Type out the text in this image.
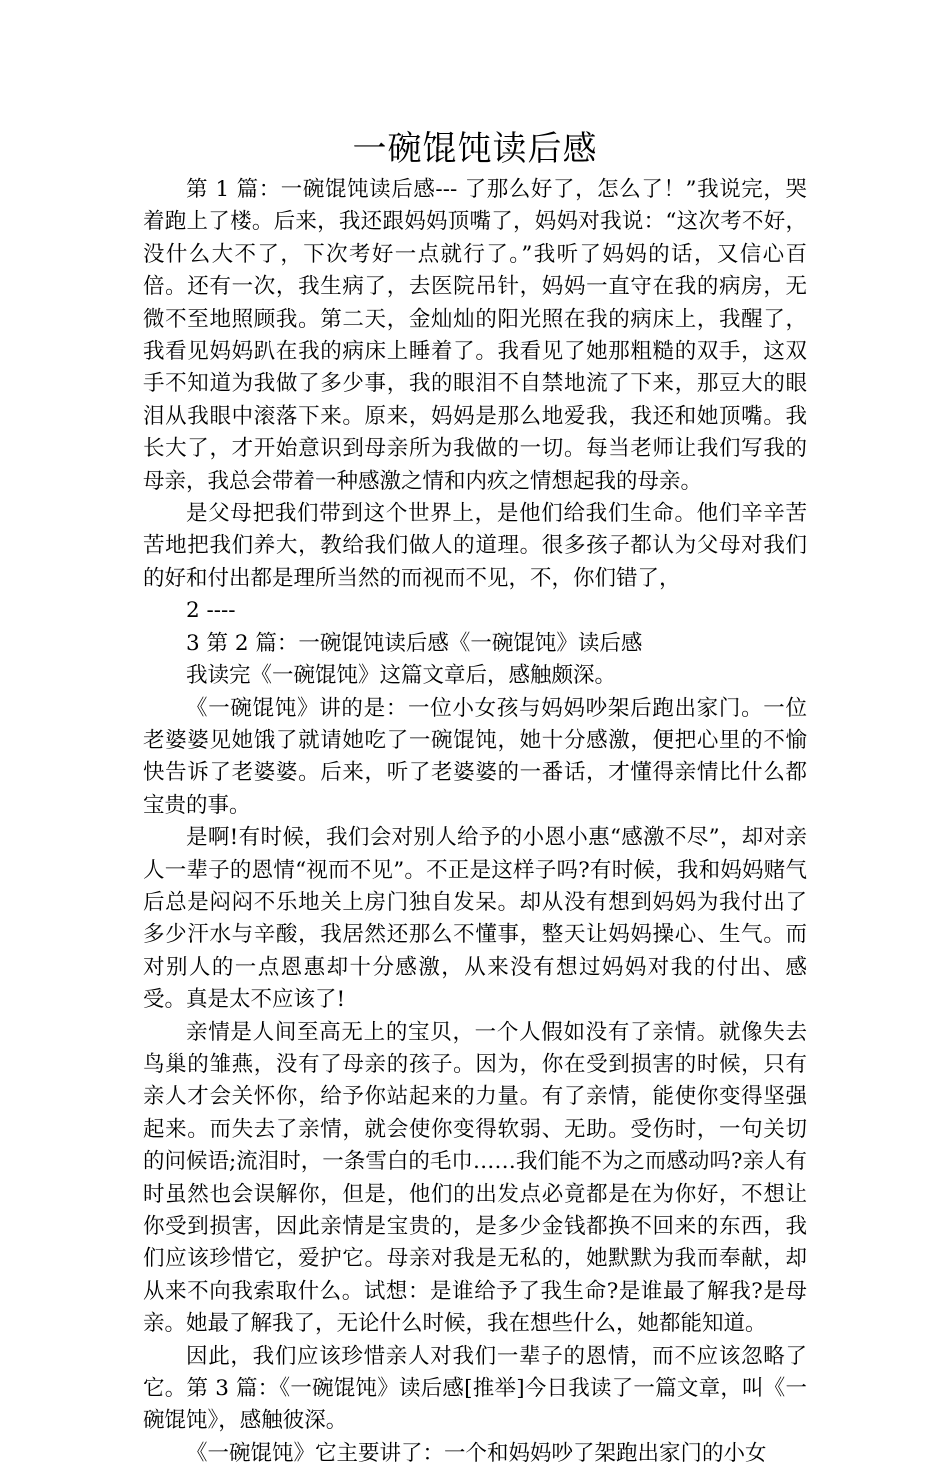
一碗馄饨读后感

第 1 篇：一碗馄饨读后感--- 了那么好了，怎么了！”我说完，哭着跑上了楼。后来，我还跟妈妈顶嘴了，妈妈对我说：“这次考不好，没什么大不了，下次考好一点就行了。”我听了妈妈的话，又信心百倍。还有一次，我生病了，去医院吊针，妈妈一直守在我的病房，无微不至地照顾我。第二天，金灿灿的阳光照在我的病床上，我醒了，我看见妈妈趴在我的病床上睡着了。我看见了她那粗糙的双手，这双手不知道为我做了多少事，我的眼泪不自禁地流了下来，那豆大的眼泪从我眼中滚落下来。原来，妈妈是那么地爱我，我还和她顶嘴。我长大了，才开始意识到母亲所为我做的一切。每当老师让我们写我的母亲，我总会带着一种感激之情和内疚之情想起我的母亲。

是父母把我们带到这个世界上，是他们给我们生命。他们辛辛苦苦地把我们养大，教给我们做人的道理。很多孩子都认为父母对我们的好和付出都是理所当然的而视而不见，不，你们错了，

2 ----

3 第 2 篇：一碗馄饨读后感《一碗馄饨》读后感

我读完《一碗馄饨》这篇文章后，感触颇深。

《一碗馄饨》讲的是：一位小女孩与妈妈吵架后跑出家门。一位老婆婆见她饿了就请她吃了一碗馄饨，她十分感激，便把心里的不愉快告诉了老婆婆。后来，听了老婆婆的一番话，才懂得亲情比什么都宝贵的事。

是啊!有时候，我们会对别人给予的小恩小惠“感激不尽”，却对亲人一辈子的恩情“视而不见”。不正是这样子吗?有时候，我和妈妈赌气后总是闷闷不乐地关上房门独自发呆。却从没有想到妈妈为我付出了多少汗水与辛酸，我居然还那么不懂事，整天让妈妈操心、生气。而对别人的一点恩惠却十分感激，从来没有想过妈妈对我的付出、感受。真是太不应该了!

亲情是人间至高无上的宝贝，一个人假如没有了亲情。就像失去鸟巢的雏燕，没有了母亲的孩子。因为，你在受到损害的时候，只有亲人才会关怀你，给予你站起来的力量。有了亲情，能使你变得坚强起来。而失去了亲情，就会使你变得软弱、无助。受伤时，一句关切的问候语;流泪时，一条雪白的毛巾……我们能不为之而感动吗?亲人有时虽然也会误解你，但是，他们的出发点必竟都是在为你好，不想让你受到损害，因此亲情是宝贵的，是多少金钱都换不回来的东西，我们应该珍惜它，爱护它。母亲对我是无私的，她默默为我而奉献，却从来不向我索取什么。试想：是谁给予了我生命?是谁最了解我?是母亲。她最了解我了，无论什么时候，我在想些什么，她都能知道。

因此，我们应该珍惜亲人对我们一辈子的恩情，而不应该忽略了它。第 3 篇：《一碗馄饨》读后感[推举]今日我读了一篇文章，叫《一碗馄饨》，感触彼深。

《一碗馄饨》它主要讲了：一个和妈妈吵了架跑出家门的小女
